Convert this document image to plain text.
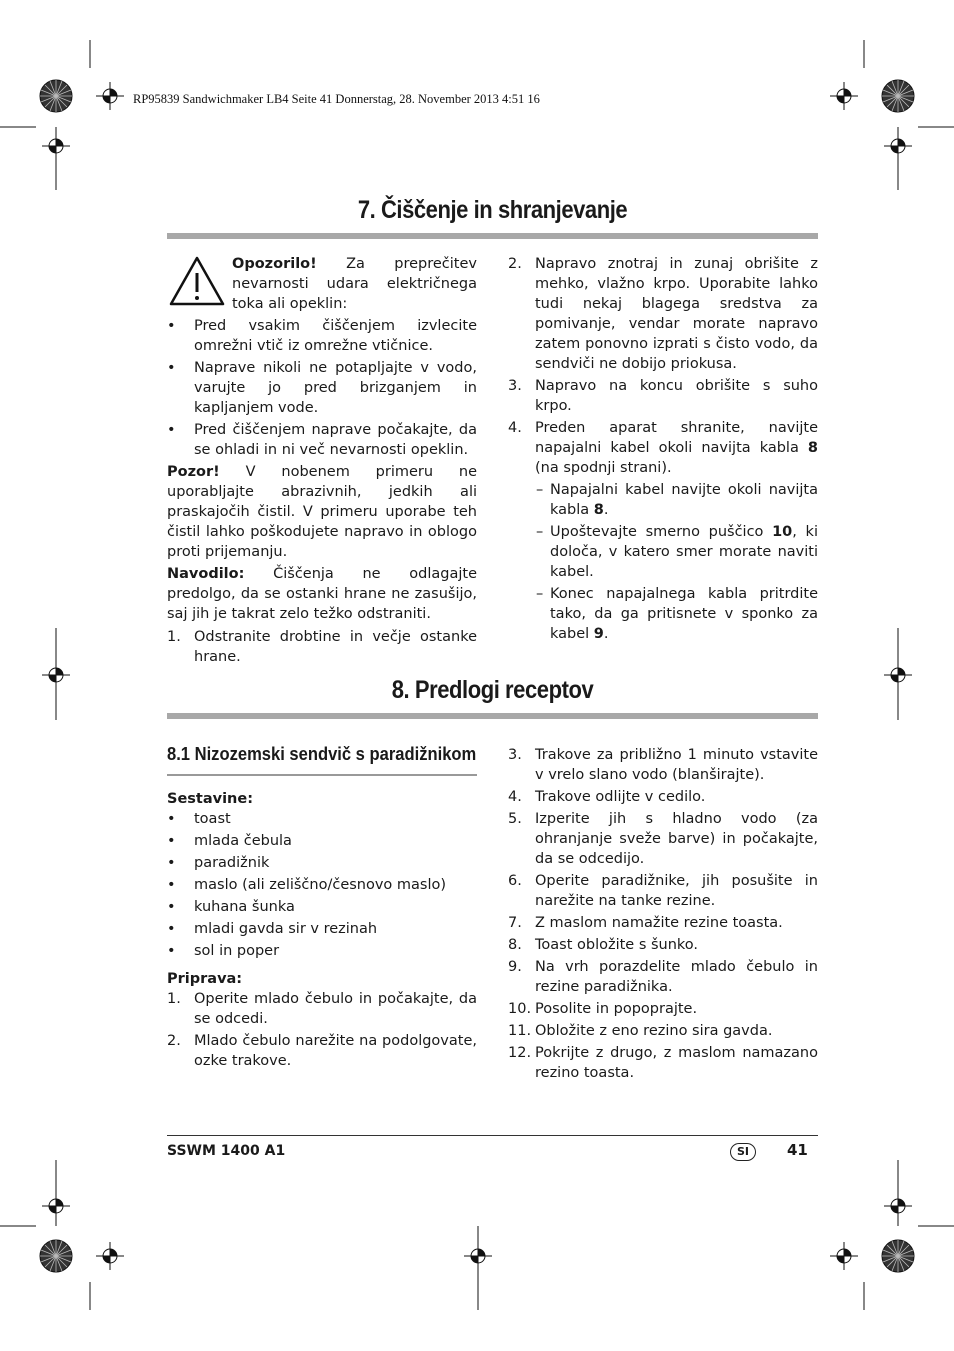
RP95839 Sandwichmaker LB4 Seite 41 Donnerstag, 28. November 2013 4:51 16
7. Čiščenje in shranjevanje

Opozorilo! Za preprečitev nevarnosti udara električnega toka ali opeklin:

• Pred vsakim čiščenjem izvlecite omrežni vtič iz omrežne vtičnice.
• Naprave nikoli ne potapljajte v vodo, varujte jo pred brizganjem in kapljanjem vode.
• Pred čiščenjem naprave počakajte, da se ohladi in ni več nevarnosti opeklin.

Pozor! V nobenem primeru ne uporabljajte abrazivnih, jedkih ali praskajočih čistil. V primeru uporabe teh čistil lahko poškodujete napravo in oblogo proti prijemanju.

Navodilo: Čiščenja ne odlagajte predolgo, da se ostanki hrane ne zasušijo, saj jih je takrat zelo težko odstraniti.

1. Odstranite drobtine in večje ostanke hrane.
2. Napravo znotraj in zunaj obrišite z mehko, vlažno krpo. Uporabite lahko tudi nekaj blagega sredstva za pomivanje, vendar morate napravo zatem ponovno izprati s čisto vodo, da sendviči ne dobijo priokusa.
3. Napravo na koncu obrišite s suho krpo.
4. Preden aparat shranite, navijte napajalni kabel okoli navijta kabla 8 (na spodnji strani).
– Napajalni kabel navijte okoli navijta kabla 8.
– Upoštevajte smerno puščico 10, ki določa, v katero smer morate naviti kabel.
– Konec napajalnega kabla pritrdite tako, da ga pritisnete v sponko za kabel 9.
8. Predlogi receptov
8.1 Nizozemski sendvič s paradižnikom

Sestavine:

• toast
• mlada čebula
• paradižnik
• maslo (ali zeliščno/česnovo maslo)
• kuhana šunka
• mladi gavda sir v rezinah
• sol in poper

Priprava:

1. Operite mlado čebulo in počakajte, da se odcedi.
2. Mlado čebulo narežite na podolgovate, ozke trakove.
3. Trakove za približno 1 minuto vstavite v vrelo slano vodo (blanširajte).
4. Trakove odlijte v cedilo.
5. Izperite jih s hladno vodo (za ohranjanje sveže barve) in počakajte, da se odcedijo.
6. Operite paradižnike, jih posušite in narežite na tanke rezine.
7. Z maslom namažite rezine toasta.
8. Toast obložite s šunko.
9. Na vrh porazdelite mlado čebulo in rezine paradižnika.
10. Posolite in popoprajte.
11. Obložite z eno rezino sira gavda.
12. Pokrijte z drugo, z maslom namazano rezino toasta.
SSWM 1400 A1	SI	41
